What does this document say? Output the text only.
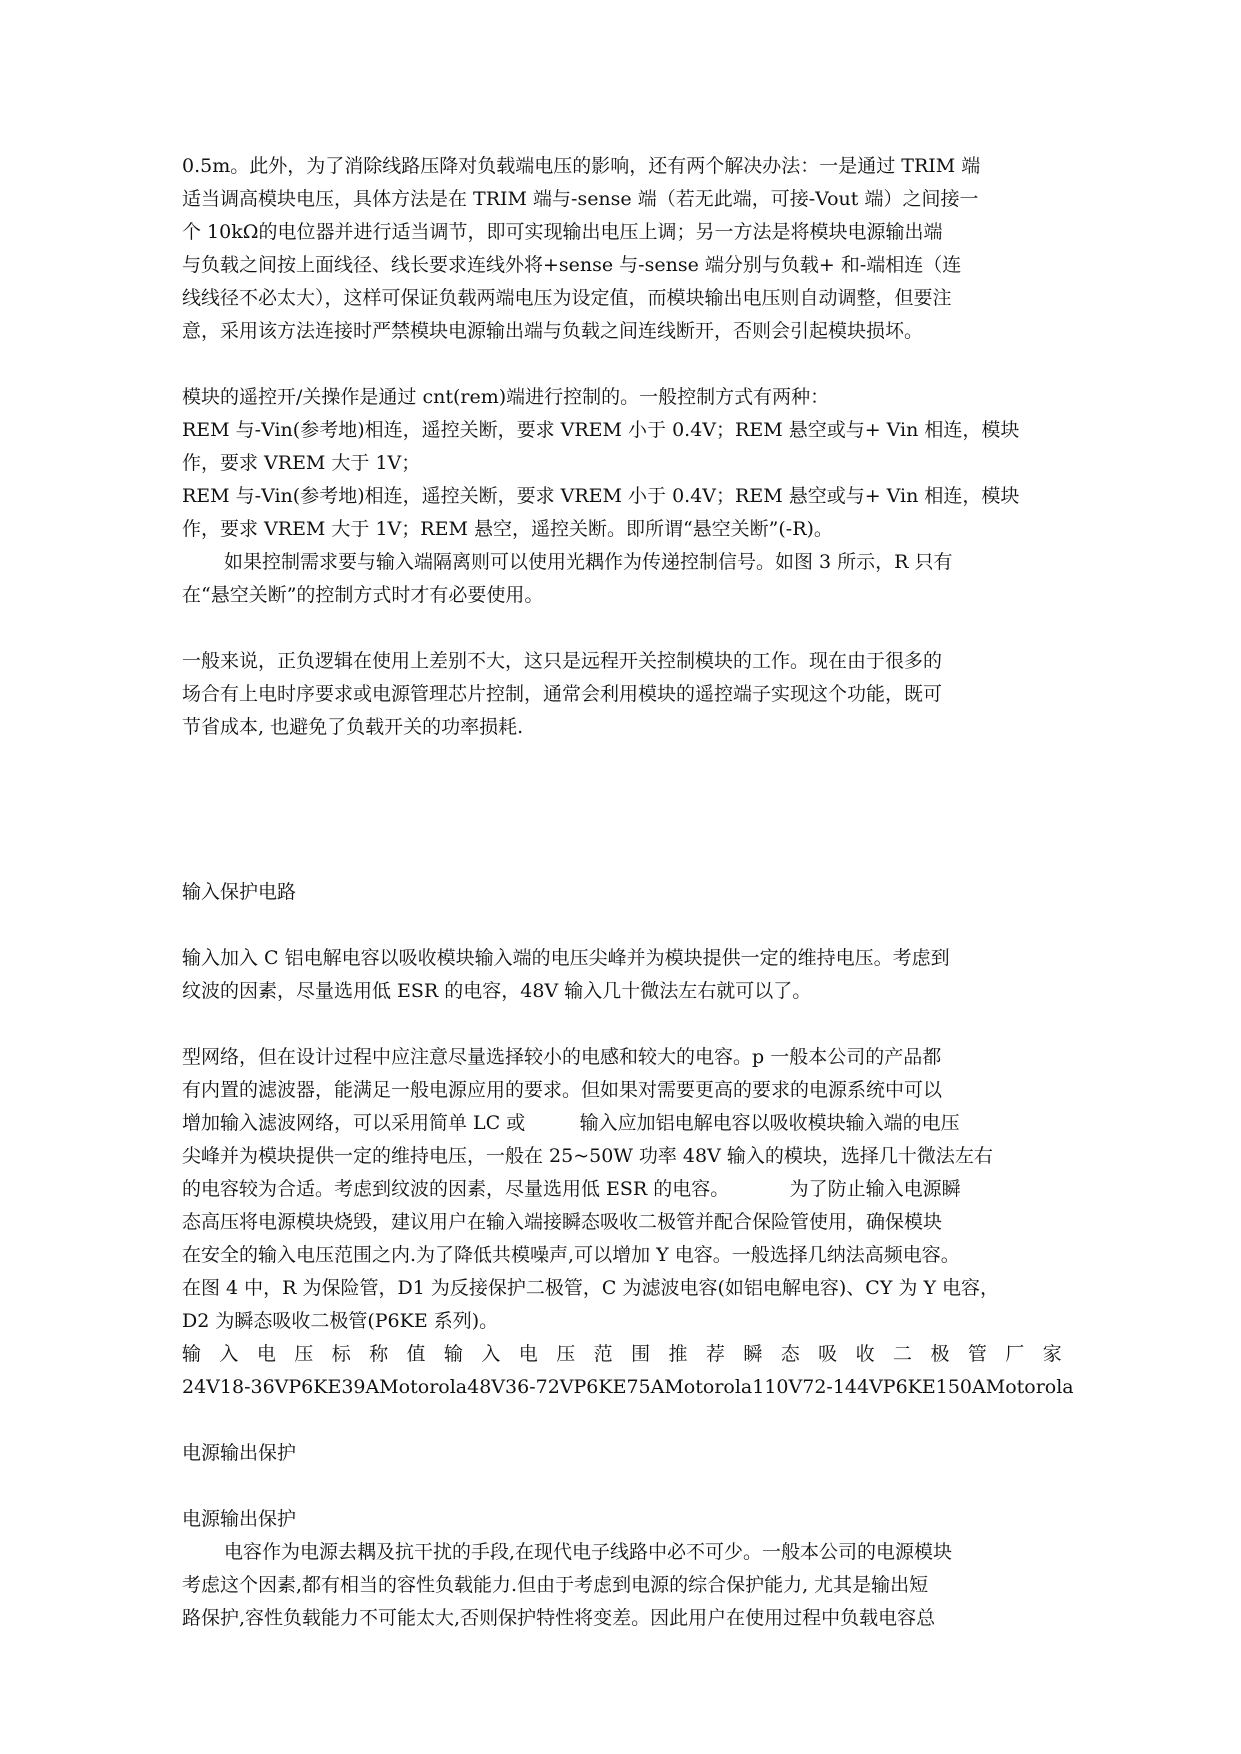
0.5m。此外，为了消除线路压降对负载端电压的影响，还有两个解决办法：一是通过 TRIM 端
适当调高模块电压，具体方法是在 TRIM 端与-sense 端（若无此端，可接-Vout 端）之间接一
个 10kΩ的电位器并进行适当调节，即可实现输出电压上调；另一方法是将模块电源输出端
与负载之间按上面线径、线长要求连线外将+sense 与-sense 端分别与负载+ 和-端相连（连
线线径不必太大），这样可保证负载两端电压为设定值，而模块输出电压则自动调整，但要注
意，采用该方法连接时严禁模块电源输出端与负载之间连线断开，否则会引起模块损坏。
模块的遥控开/关操作是通过 cnt(rem)端进行控制的。一般控制方式有两种：
REM 与-Vin(参考地)相连，遥控关断，要求 VREM 小于 0.4V；REM 悬空或与+ Vin 相连，模块
作，要求 VREM 大于 1V；
REM 与-Vin(参考地)相连，遥控关断，要求 VREM 小于 0.4V；REM 悬空或与+ Vin 相连，模块
作，要求 VREM 大于 1V；REM 悬空，遥控关断。即所谓“悬空关断”(-R)。
如果控制需求要与输入端隔离则可以使用光耦作为传递控制信号。如图 3 所示，R 只有
在“悬空关断”的控制方式时才有必要使用。
一般来说，正负逻辑在使用上差别不大，这只是远程开关控制模块的工作。现在由于很多的
场合有上电时序要求或电源管理芯片控制，通常会利用模块的遥控端子实现这个功能，既可
节省成本, 也避免了负载开关的功率损耗.
输入保护电路
输入加入 C 铝电解电容以吸收模块输入端的电压尖峰并为模块提供一定的维持电压。考虑到
纹波的因素，尽量选用低 ESR 的电容，48V 输入几十微法左右就可以了。
型网络，但在设计过程中应注意尽量选择较小的电感和较大的电容。p 一般本公司的产品都
有内置的滤波器，能满足一般电源应用的要求。但如果对需要更高的要求的电源系统中可以
增加输入滤波网络，可以采用简单 LC 或         输入应加铝电解电容以吸收模块输入端的电压
尖峰并为模块提供一定的维持电压，一般在 25~50W 功率 48V 输入的模块，选择几十微法左右
的电容较为合适。考虑到纹波的因素，尽量选用低 ESR 的电容。          为了防止输入电源瞬
态高压将电源模块烧毁，建议用户在输入端接瞬态吸收二极管并配合保险管使用，确保模块
在安全的输入电压范围之内.为了降低共模噪声,可以增加 Y 电容。一般选择几纳法高频电容。
在图 4 中，R 为保险管，D1 为反接保护二极管，C 为滤波电容(如铝电解电容)、CY 为 Y 电容，
D2 为瞬态吸收二极管(P6KE 系列)。
输 入 电 压 标 称 值 输 入 电 压 范 围 推 荐 瞬 态 吸 收 二 极 管 厂 家
24V18-36VP6KE39AMotorola48V36-72VP6KE75AMotorola110V72-144VP6KE150AMotorola
电源输出保护
电源输出保护
电容作为电源去耦及抗干扰的手段,在现代电子线路中必不可少。一般本公司的电源模块
考虑这个因素,都有相当的容性负载能力.但由于考虑到电源的综合保护能力, 尤其是输出短
路保护,容性负载能力不可能太大,否则保护特性将变差。因此用户在使用过程中负载电容总
